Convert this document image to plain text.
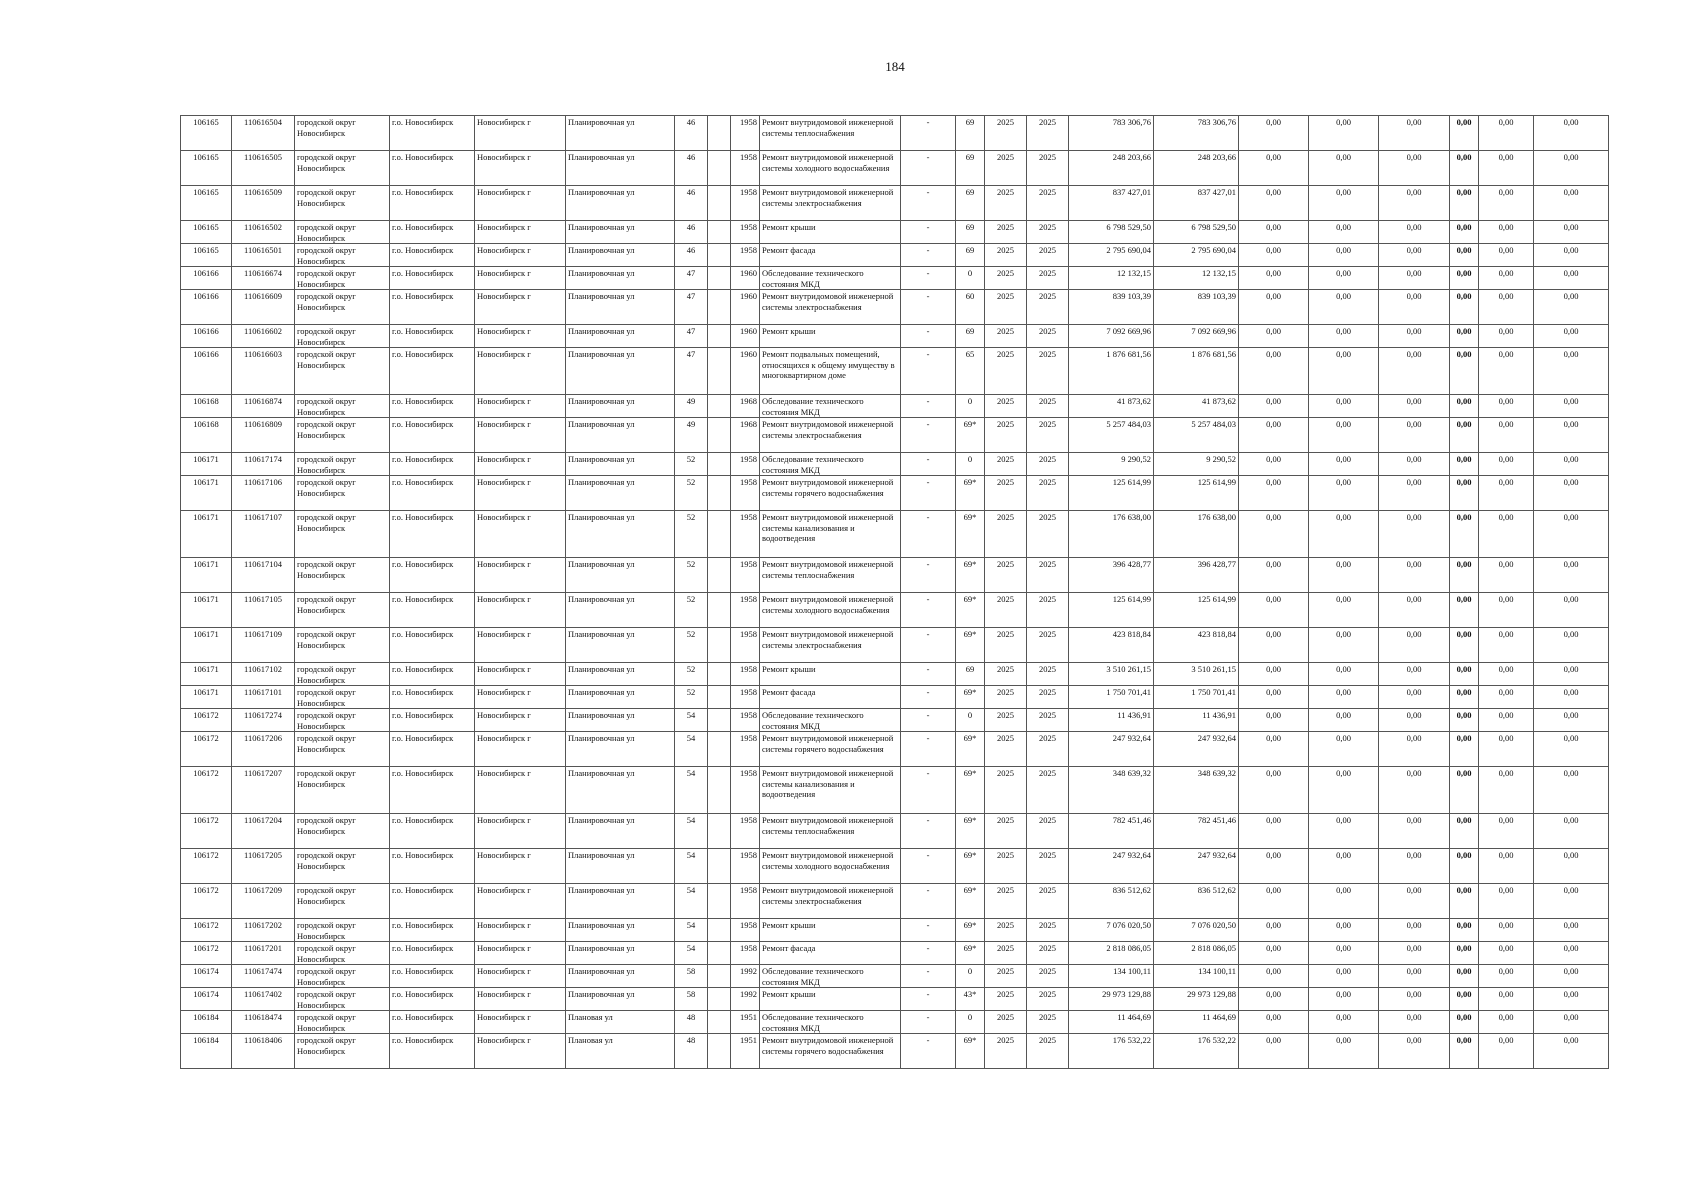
184
106165	110616504	городской округ Новосибирск	г.о. Новосибирск	Новосибирск г	Планировочная ул	46		1958	Ремонт внутридомовой инженерной системы теплоснабжения	-	69	2025	2025	783 306,76	783 306,76	0,00	0,00	0,00	0,00	0,00	0,00
106165	110616505	городской округ Новосибирск	г.о. Новосибирск	Новосибирск г	Планировочная ул	46		1958	Ремонт внутридомовой инженерной системы холодного водоснабжения	-	69	2025	2025	248 203,66	248 203,66	0,00	0,00	0,00	0,00	0,00	0,00
106165	110616509	городской округ Новосибирск	г.о. Новосибирск	Новосибирск г	Планировочная ул	46		1958	Ремонт внутридомовой инженерной системы электроснабжения	-	69	2025	2025	837 427,01	837 427,01	0,00	0,00	0,00	0,00	0,00	0,00
106165	110616502	городской округ Новосибирск	г.о. Новосибирск	Новосибирск г	Планировочная ул	46		1958	Ремонт крыши	-	69	2025	2025	6 798 529,50	6 798 529,50	0,00	0,00	0,00	0,00	0,00	0,00
106165	110616501	городской округ Новосибирск	г.о. Новосибирск	Новосибирск г	Планировочная ул	46		1958	Ремонт фасада	-	69	2025	2025	2 795 690,04	2 795 690,04	0,00	0,00	0,00	0,00	0,00	0,00
106166	110616674	городской округ Новосибирск	г.о. Новосибирск	Новосибирск г	Планировочная ул	47		1960	Обследование технического состояния МКД	-	0	2025	2025	12 132,15	12 132,15	0,00	0,00	0,00	0,00	0,00	0,00
106166	110616609	городской округ Новосибирск	г.о. Новосибирск	Новосибирск г	Планировочная ул	47		1960	Ремонт внутридомовой инженерной системы электроснабжения	-	60	2025	2025	839 103,39	839 103,39	0,00	0,00	0,00	0,00	0,00	0,00
106166	110616602	городской округ Новосибирск	г.о. Новосибирск	Новосибирск г	Планировочная ул	47		1960	Ремонт крыши	-	69	2025	2025	7 092 669,96	7 092 669,96	0,00	0,00	0,00	0,00	0,00	0,00
106166	110616603	городской округ Новосибирск	г.о. Новосибирск	Новосибирск г	Планировочная ул	47		1960	Ремонт подвальных помещений, относящихся к общему имуществу в многоквартирном доме	-	65	2025	2025	1 876 681,56	1 876 681,56	0,00	0,00	0,00	0,00	0,00	0,00
106168	110616874	городской округ Новосибирск	г.о. Новосибирск	Новосибирск г	Планировочная ул	49		1968	Обследование технического состояния МКД	-	0	2025	2025	41 873,62	41 873,62	0,00	0,00	0,00	0,00	0,00	0,00
106168	110616809	городской округ Новосибирск	г.о. Новосибирск	Новосибирск г	Планировочная ул	49		1968	Ремонт внутридомовой инженерной системы электроснабжения	-	69*	2025	2025	5 257 484,03	5 257 484,03	0,00	0,00	0,00	0,00	0,00	0,00
106171	110617174	городской округ Новосибирск	г.о. Новосибирск	Новосибирск г	Планировочная ул	52		1958	Обследование технического состояния МКД	-	0	2025	2025	9 290,52	9 290,52	0,00	0,00	0,00	0,00	0,00	0,00
106171	110617106	городской округ Новосибирск	г.о. Новосибирск	Новосибирск г	Планировочная ул	52		1958	Ремонт внутридомовой инженерной системы горячего водоснабжения	-	69*	2025	2025	125 614,99	125 614,99	0,00	0,00	0,00	0,00	0,00	0,00
106171	110617107	городской округ Новосибирск	г.о. Новосибирск	Новосибирск г	Планировочная ул	52		1958	Ремонт внутридомовой инженерной системы канализования и водоотведения	-	69*	2025	2025	176 638,00	176 638,00	0,00	0,00	0,00	0,00	0,00	0,00
106171	110617104	городской округ Новосибирск	г.о. Новосибирск	Новосибирск г	Планировочная ул	52		1958	Ремонт внутридомовой инженерной системы теплоснабжения	-	69*	2025	2025	396 428,77	396 428,77	0,00	0,00	0,00	0,00	0,00	0,00
106171	110617105	городской округ Новосибирск	г.о. Новосибирск	Новосибирск г	Планировочная ул	52		1958	Ремонт внутридомовой инженерной системы холодного водоснабжения	-	69*	2025	2025	125 614,99	125 614,99	0,00	0,00	0,00	0,00	0,00	0,00
106171	110617109	городской округ Новосибирск	г.о. Новосибирск	Новосибирск г	Планировочная ул	52		1958	Ремонт внутридомовой инженерной системы электроснабжения	-	69*	2025	2025	423 818,84	423 818,84	0,00	0,00	0,00	0,00	0,00	0,00
106171	110617102	городской округ Новосибирск	г.о. Новосибирск	Новосибирск г	Планировочная ул	52		1958	Ремонт крыши	-	69	2025	2025	3 510 261,15	3 510 261,15	0,00	0,00	0,00	0,00	0,00	0,00
106171	110617101	городской округ Новосибирск	г.о. Новосибирск	Новосибирск г	Планировочная ул	52		1958	Ремонт фасада	-	69*	2025	2025	1 750 701,41	1 750 701,41	0,00	0,00	0,00	0,00	0,00	0,00
106172	110617274	городской округ Новосибирск	г.о. Новосибирск	Новосибирск г	Планировочная ул	54		1958	Обследование технического состояния МКД	-	0	2025	2025	11 436,91	11 436,91	0,00	0,00	0,00	0,00	0,00	0,00
106172	110617206	городской округ Новосибирск	г.о. Новосибирск	Новосибирск г	Планировочная ул	54		1958	Ремонт внутридомовой инженерной системы горячего водоснабжения	-	69*	2025	2025	247 932,64	247 932,64	0,00	0,00	0,00	0,00	0,00	0,00
106172	110617207	городской округ Новосибирск	г.о. Новосибирск	Новосибирск г	Планировочная ул	54		1958	Ремонт внутридомовой инженерной системы канализования и водоотведения	-	69*	2025	2025	348 639,32	348 639,32	0,00	0,00	0,00	0,00	0,00	0,00
106172	110617204	городской округ Новосибирск	г.о. Новосибирск	Новосибирск г	Планировочная ул	54		1958	Ремонт внутридомовой инженерной системы теплоснабжения	-	69*	2025	2025	782 451,46	782 451,46	0,00	0,00	0,00	0,00	0,00	0,00
106172	110617205	городской округ Новосибирск	г.о. Новосибирск	Новосибирск г	Планировочная ул	54		1958	Ремонт внутридомовой инженерной системы холодного водоснабжения	-	69*	2025	2025	247 932,64	247 932,64	0,00	0,00	0,00	0,00	0,00	0,00
106172	110617209	городской округ Новосибирск	г.о. Новосибирск	Новосибирск г	Планировочная ул	54		1958	Ремонт внутридомовой инженерной системы электроснабжения	-	69*	2025	2025	836 512,62	836 512,62	0,00	0,00	0,00	0,00	0,00	0,00
106172	110617202	городской округ Новосибирск	г.о. Новосибирск	Новосибирск г	Планировочная ул	54		1958	Ремонт крыши	-	69*	2025	2025	7 076 020,50	7 076 020,50	0,00	0,00	0,00	0,00	0,00	0,00
106172	110617201	городской округ Новосибирск	г.о. Новосибирск	Новосибирск г	Планировочная ул	54		1958	Ремонт фасада	-	69*	2025	2025	2 818 086,05	2 818 086,05	0,00	0,00	0,00	0,00	0,00	0,00
106174	110617474	городской округ Новосибирск	г.о. Новосибирск	Новосибирск г	Планировочная ул	58		1992	Обследование технического состояния МКД	-	0	2025	2025	134 100,11	134 100,11	0,00	0,00	0,00	0,00	0,00	0,00
106174	110617402	городской округ Новосибирск	г.о. Новосибирск	Новосибирск г	Планировочная ул	58		1992	Ремонт крыши	-	43*	2025	2025	29 973 129,88	29 973 129,88	0,00	0,00	0,00	0,00	0,00	0,00
106184	110618474	городской округ Новосибирск	г.о. Новосибирск	Новосибирск г	Плановая ул	48		1951	Обследование технического состояния МКД	-	0	2025	2025	11 464,69	11 464,69	0,00	0,00	0,00	0,00	0,00	0,00
106184	110618406	городской округ Новосибирск	г.о. Новосибирск	Новосибирск г	Плановая ул	48		1951	Ремонт внутридомовой инженерной системы горячего водоснабжения	-	69*	2025	2025	176 532,22	176 532,22	0,00	0,00	0,00	0,00	0,00	0,00
